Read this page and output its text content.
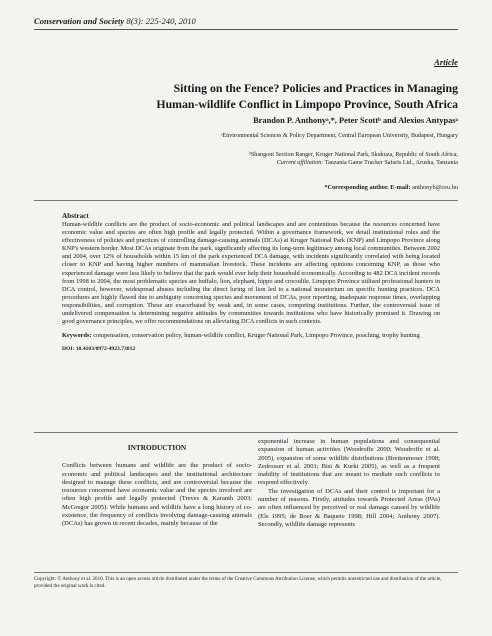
Conservation and Society 8(3): 225-240, 2010
Article
Sitting on the Fence? Policies and Practices in Managing
Human-wildlife Conflict in Limpopo Province, South Africa
Brandon P. Anthonyᵃ,*, Peter Scottᵇ and Alexios Antypasᵃ
ᵃEnvironmental Sciences & Policy Department, Central European University, Budapest, Hungary
ᵇShangoni Section Ranger, Kruger National Park, Skukuza, Republic of South Africa;
Current affiliation: Tanzania Game Tracker Safaris Ltd., Arusha, Tanzania
*Corresponding author. E-mail: anthonyb@ceu.hu
Abstract

Human-wildlife conflicts are the product of socio-economic and political landscapes and are contentious because the resources concerned have economic value and species are often high profile and legally protected. Within a governance framework, we detail institutional roles and the effectiveness of policies and practices of controlling damage-causing animals (DCAs) at Kruger National Park (KNP) and Limpopo Province along KNP's western border. Most DCAs originate from the park, significantly affecting its long-term legitimacy among local communities. Between 2002 and 2004, over 12% of households within 15 km of the park experienced DCA damage, with incidents significantly correlated with being located closer to KNP and having higher numbers of mammalian livestock. These incidents are affecting opinions concerning KNP, as those who experienced damage were less likely to believe that the park would ever help their household economically. According to 482 DCA incident records from 1998 to 2004, the most problematic species are buffalo, lion, elephant, hippo and crocodile. Limpopo Province utilised professional hunters in DCA control, however, widespread abuses including the direct luring of lion led to a national moratorium on specific hunting practices. DCA procedures are highly flawed due to ambiguity concerning species and movement of DCAs, poor reporting, inadequate response times, overlapping responsibilities, and corruption. These are exacerbated by weak and, in some cases, competing institutions. Further, the controversial issue of undelivered compensation is determining negative attitudes by communities towards institutions who have historically promised it. Drawing on good governance principles, we offer recommendations on alleviating DCA conflicts in such contexts.

Keywords: compensation, conservation policy, human-wildlife conflict, Kruger National Park, Limpopo Province, poaching, trophy hunting
DOI: 10.4103/0972-4923.73812
INTRODUCTION

Conflicts between humans and wildlife are the product of socio-economic and political landscapes and the institutional architecture designed to manage these conflicts, and are controversial because the resources concerned have economic value and the species involved are often high profile and legally protected (Treves & Karanth 2003; McGregor 2005). While humans and wildlife have a long history of co-existence, the frequency of conflicts involving damage-causing animals (DCAs) has grown in recent decades, mainly because of the

exponential increase in human populations and consequential expansion of human activities (Woodroffe 2000; Woodroffe et al. 2005), expansion of some wildlife distributions (Breitenmoser 1998; Zedrosser et al. 2001; Bisi & Kurki 2005), as well as a frequent inability of institutions that are meant to mediate such conflicts to respond effectively.

The investigation of DCAs and their control is important for a number of reasons. Firstly, attitudes towards Protected Areas (PAs) are often influenced by perceived or real damage caused by wildlife (Els 1995; de Boer & Baquete 1998; Hill 2004; Anthony 2007). Secondly, wildlife damage represents

Copyright: © Anthony et al. 2010. This is an open access article distributed under the terms of the Creative Commons Attribution License, which permits unrestricted use and distribution of the article, provided the original work is cited.
